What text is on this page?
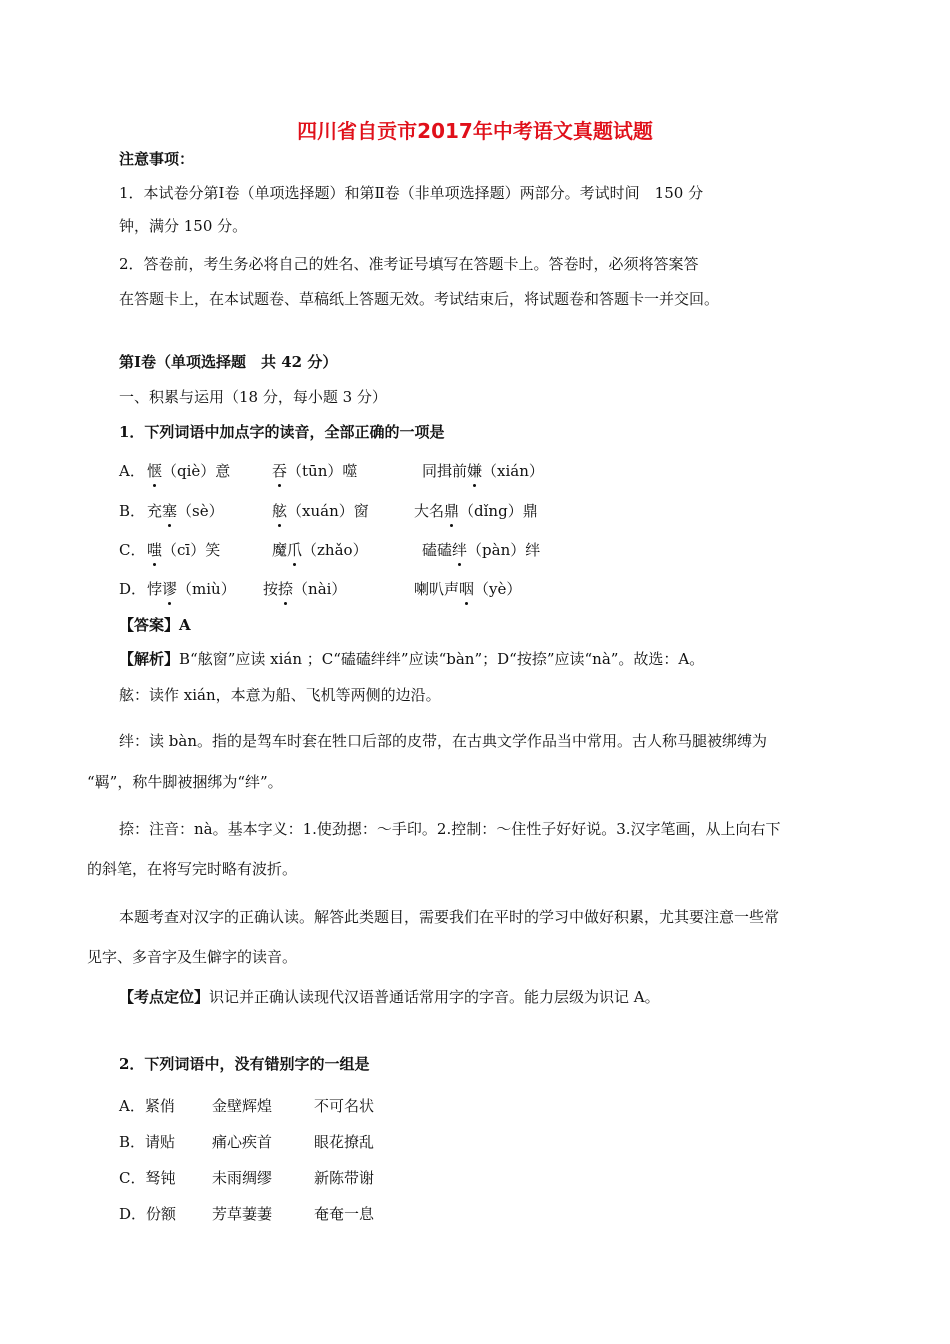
四川省自贡市2017年中考语文真题试题
注意事项：
1．本试卷分第Ⅰ卷（单项选择题）和第Ⅱ卷（非单项选择题）两部分。考试时间　150 分
钟，满分 150 分。
2．答卷前，考生务必将自己的姓名、准考证号填写在答题卡上。答卷时，必须将答案答
在答题卡上，在本试题卷、草稿纸上答题无效。考试结束后，将试题卷和答题卡一并交回。
第Ⅰ卷（单项选择题　共 42 分）
一、积累与运用（18 分，每小题 3 分）
1．下列词语中加点字的读音，全部正确的一项是
A． 惬（qiè）意	吞（tūn）噬	同揖前嫌（xián）
B． 充塞（sè）	舷（xuán）窗	大名鼎（dǐng）鼎
C． 嗤（cī）笑	魔爪（zhǎo）	磕磕绊（pàn）绊
D． 悖谬（miù） 按捺（nài）	喇叭声咽（yè）
【答案】A
【解析】B“舷窗”应读 xián ；C“磕磕绊绊”应读“bàn”；D“按捺”应读“nà”。故选：A。
舷：读作 xián，本意为船、飞机等两侧的边沿。
绊：读 bàn。指的是驾车时套在牲口后部的皮带，在古典文学作品当中常用。古人称马腿被绑缚为
“羁”，称牛脚被捆绑为“绊”。
捺：注音：nà。基本字义：1.使劲摁：～手印。2.控制：～住性子好好说。3.汉字笔画，从上向右下
的斜笔，在将写完时略有波折。
本题考查对汉字的正确认读。解答此类题目，需要我们在平时的学习中做好积累，尤其要注意一些常
见字、多音字及生僻字的读音。
【考点定位】识记并正确认读现代汉语普通话常用字的字音。能力层级为识记 A。
2．下列词语中，没有错别字的一组是
A．紧俏 金壁辉煌	不可名状
B．请贴 痛心疾首	眼花撩乱
C．驽钝 未雨绸缪	新陈带谢
D．份额 芳草萋萋	奄奄一息
